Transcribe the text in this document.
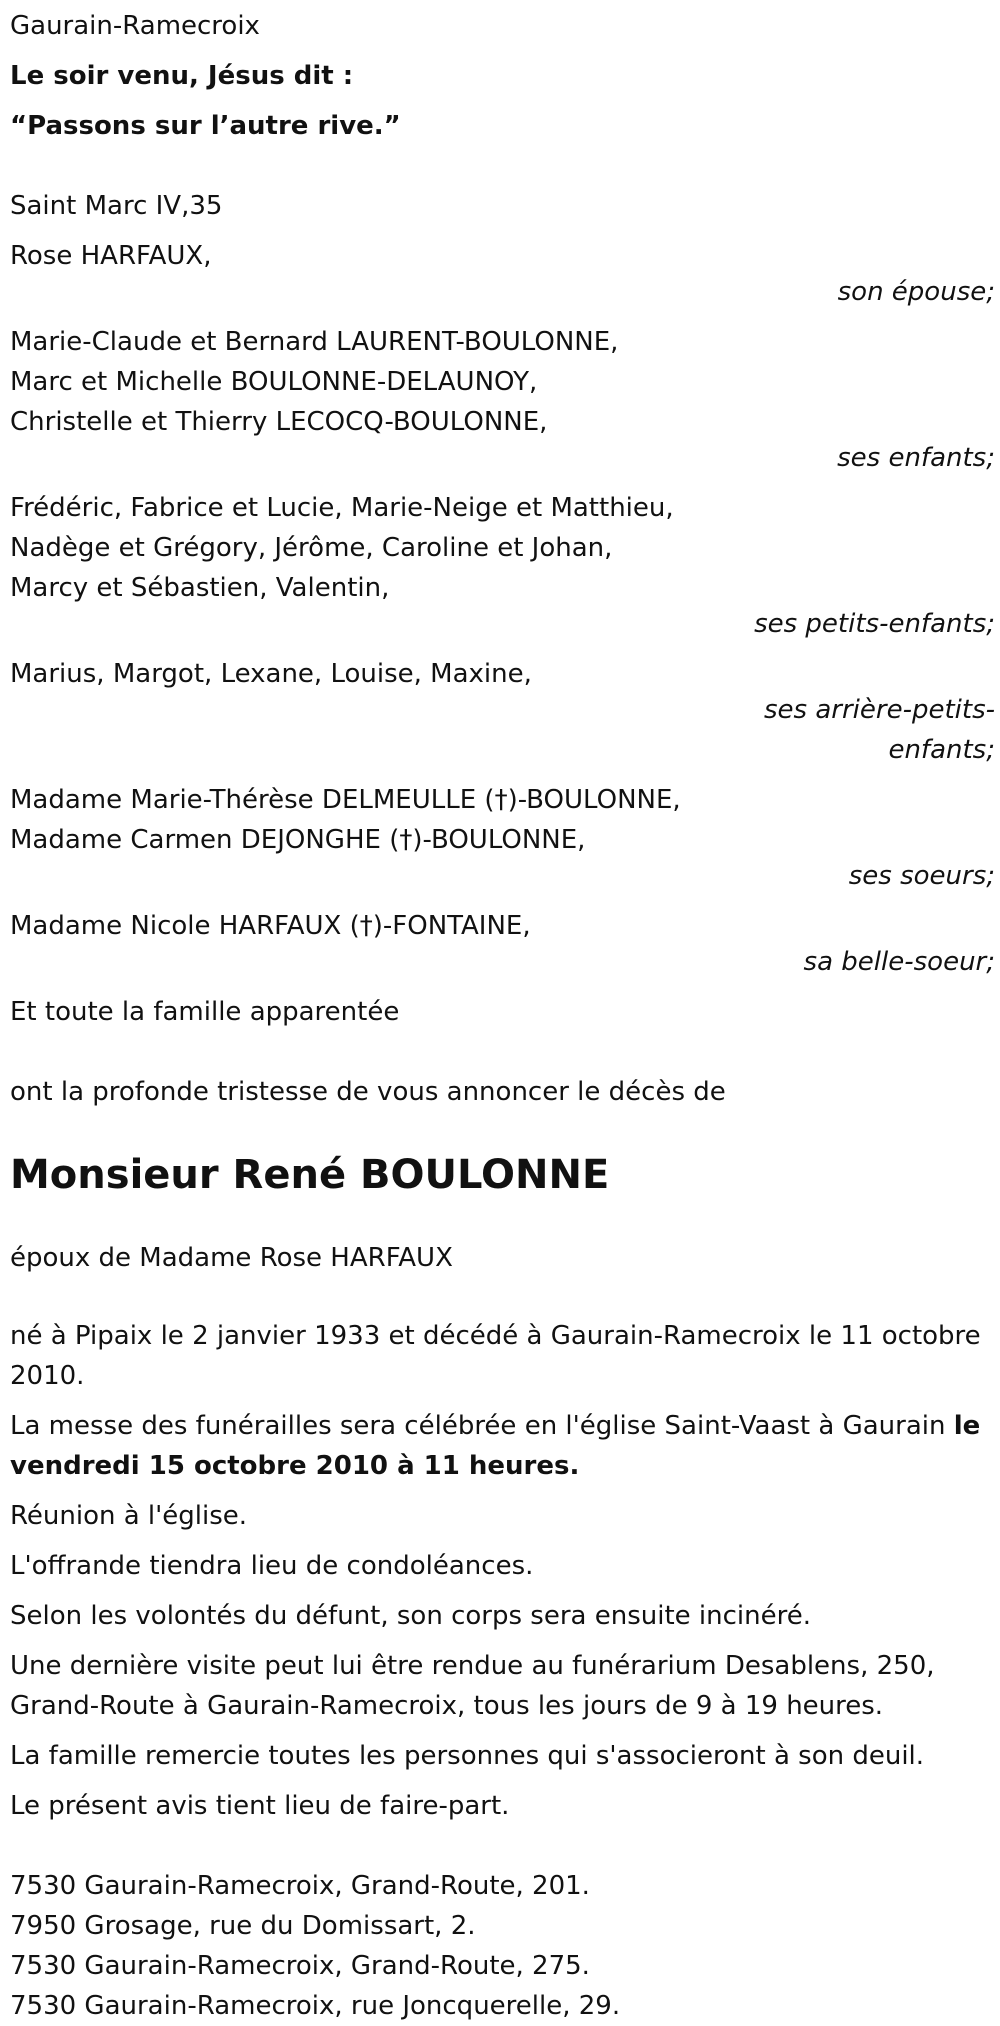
Gaurain-Ramecroix

Le soir venu, Jésus dit :

“Passons sur l’autre rive.”

Saint Marc IV,35

Rose HARFAUX,

son épouse;

Marie-Claude et Bernard LAURENT-BOULONNE,

Marc et Michelle BOULONNE-DELAUNOY,

Christelle et Thierry LECOCQ-BOULONNE,

ses enfants;

Frédéric, Fabrice et Lucie, Marie-Neige et Matthieu,

Nadège et Grégory, Jérôme, Caroline et Johan,

Marcy et Sébastien, Valentin,

ses petits-enfants;

Marius, Margot, Lexane, Louise, Maxine,

ses arrière-petits-

enfants;

Madame Marie-Thérèse DELMEULLE (†)-BOULONNE,

Madame Carmen DEJONGHE (†)-BOULONNE,

ses soeurs;

Madame Nicole HARFAUX (†)-FONTAINE,

sa belle-soeur;

Et toute la famille apparentée

ont la profonde tristesse de vous annoncer le décès de

Monsieur René BOULONNE

époux de Madame Rose HARFAUX

né à Pipaix le 2 janvier 1933 et décédé à Gaurain-Ramecroix le 11 octobre 2010.

La messe des funérailles sera célébrée en l'église Saint-Vaast à Gaurain le vendredi 15 octobre 2010 à 11 heures.

Réunion à l'église.

L'offrande tiendra lieu de condoléances.

Selon les volontés du défunt, son corps sera ensuite incinéré.

Une dernière visite peut lui être rendue au funérarium Desablens, 250, Grand-Route à Gaurain-Ramecroix, tous les jours de 9 à 19 heures.

La famille remercie toutes les personnes qui s'associeront à son deuil.

Le présent avis tient lieu de faire-part.

7530 Gaurain-Ramecroix, Grand-Route, 201.

7950 Grosage, rue du Domissart, 2.

7530 Gaurain-Ramecroix, Grand-Route, 275.

7530 Gaurain-Ramecroix, rue Joncquerelle, 29.
